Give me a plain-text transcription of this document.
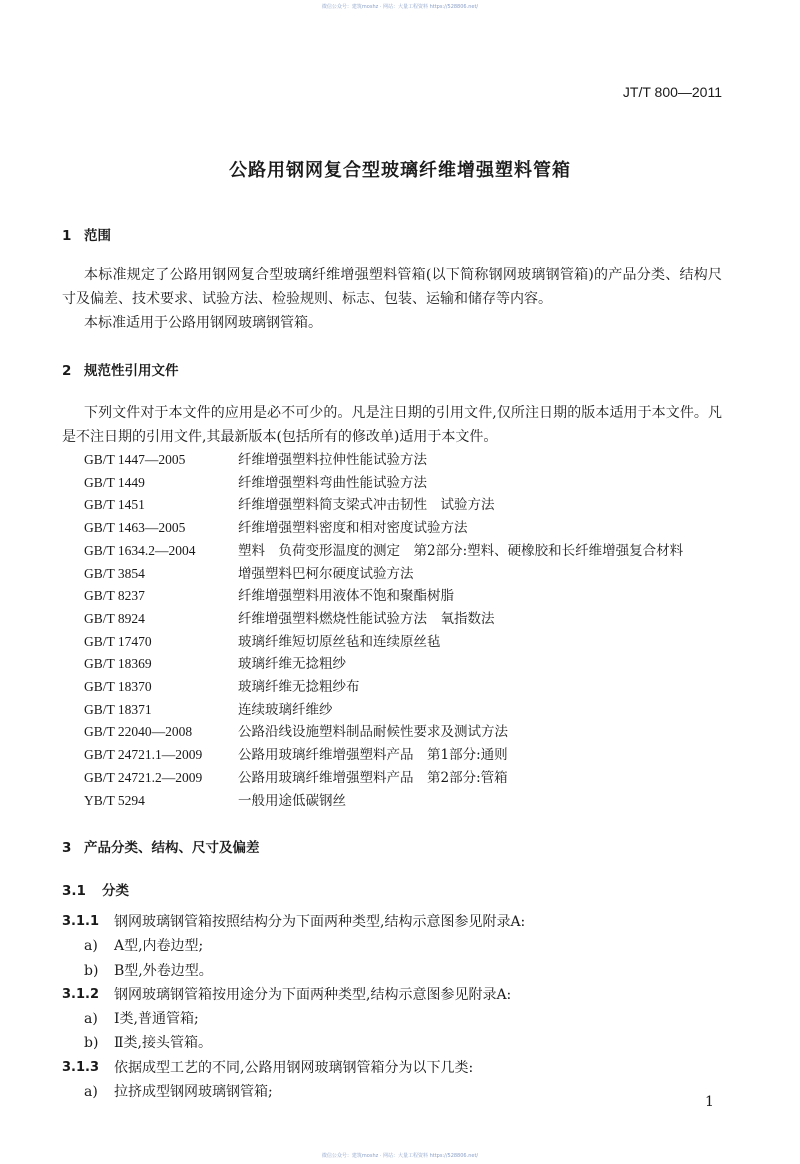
微信公众号：建筑moshz · 网站：大量工程资料 https://528806.net/
JT/T 800—2011
公路用钢网复合型玻璃纤维增强塑料管箱
1 范围

本标准规定了公路用钢网复合型玻璃纤维增强塑料管箱(以下简称钢网玻璃钢管箱)的产品分类、结构尺寸及偏差、技术要求、试验方法、检验规则、标志、包装、运输和储存等内容。

本标准适用于公路用钢网玻璃钢管箱。

2 规范性引用文件

下列文件对于本文件的应用是必不可少的。凡是注日期的引用文件,仅所注日期的版本适用于本文件。凡是不注日期的引用文件,其最新版本(包括所有的修改单)适用于本文件。

GB/T 1447—2005	纤维增强塑料拉伸性能试验方法
GB/T 1449	纤维增强塑料弯曲性能试验方法
GB/T 1451	纤维增强塑料简支梁式冲击韧性　试验方法
GB/T 1463—2005	纤维增强塑料密度和相对密度试验方法
GB/T 1634.2—2004	塑料　负荷变形温度的测定　第2部分:塑料、硬橡胶和长纤维增强复合材料
GB/T 3854	增强塑料巴柯尔硬度试验方法
GB/T 8237	纤维增强塑料用液体不饱和聚酯树脂
GB/T 8924	纤维增强塑料燃烧性能试验方法　氧指数法
GB/T 17470	玻璃纤维短切原丝毡和连续原丝毡
GB/T 18369	玻璃纤维无捻粗纱
GB/T 18370	玻璃纤维无捻粗纱布
GB/T 18371	连续玻璃纤维纱
GB/T 22040—2008	公路沿线设施塑料制品耐候性要求及测试方法
GB/T 24721.1—2009	公路用玻璃纤维增强塑料产品　第1部分:通则
GB/T 24721.2—2009	公路用玻璃纤维增强塑料产品　第2部分:管箱
YB/T 5294	一般用途低碳钢丝
3 产品分类、结构、尺寸及偏差
3.1 分类
3.1.1	钢网玻璃钢管箱按照结构分为下面两种类型,结构示意图参见附录A:
a) A型,内卷边型;
b) B型,外卷边型。
3.1.2	钢网玻璃钢管箱按用途分为下面两种类型,结构示意图参见附录A:
a) Ⅰ类,普通管箱;
b) Ⅱ类,接头管箱。
3.1.3	依据成型工艺的不同,公路用钢网玻璃钢管箱分为以下几类:
a) 拉挤成型钢网玻璃钢管箱;
1
微信公众号：建筑moshz · 网站：大量工程资料 https://528806.net/
